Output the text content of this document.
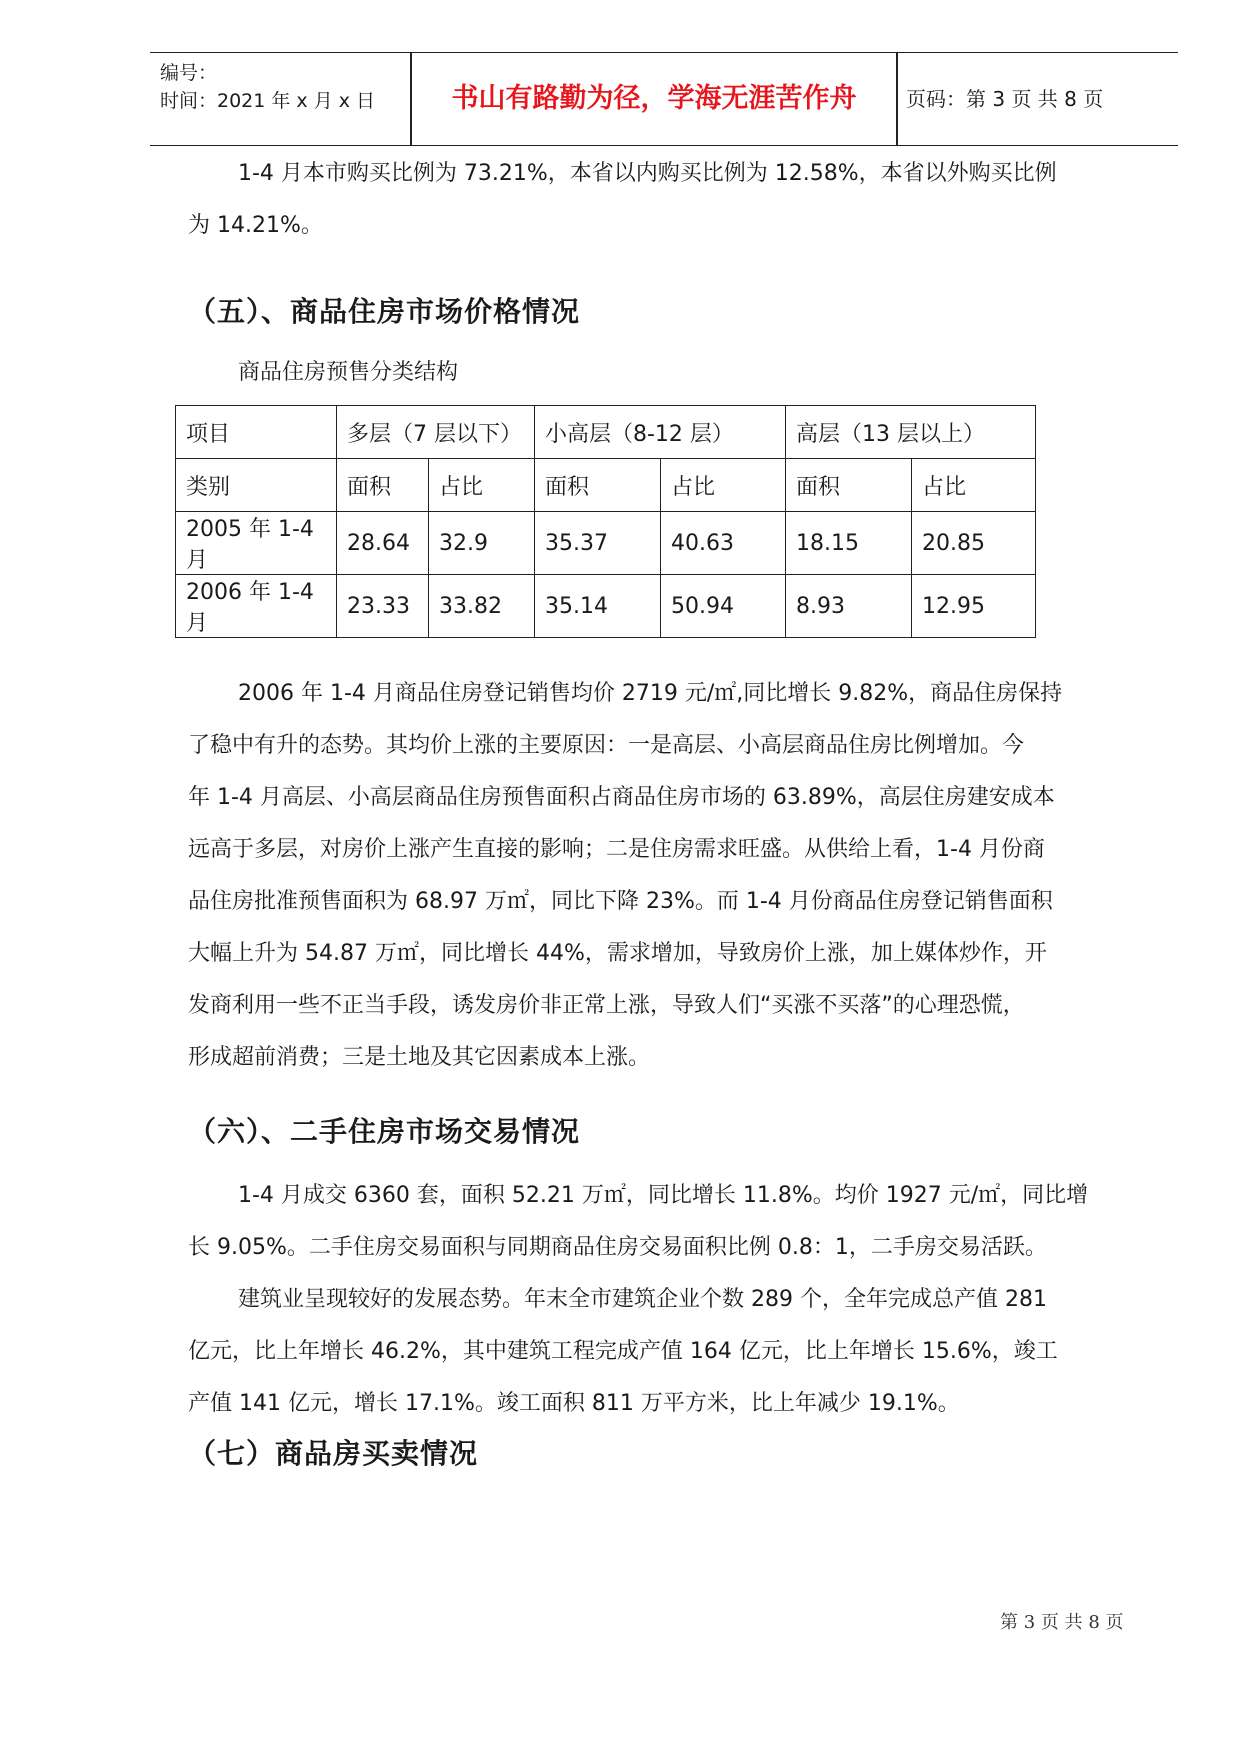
编号：
时间：2021 年 x 月 x 日	书山有路勤为径，学海无涯苦作舟	页码：第 3 页 共 8 页
1-4 月本市购买比例为 73.21%，本省以内购买比例为 12.58%，本省以外购买比例
为 14.21%。
（五）、商品住房市场价格情况
商品住房预售分类结构
项目	多层（7 层以下）		小高层（8-12 层）		高层（13 层以上）	
类别	面积	占比	面积	占比	面积	占比
2005 年 1-4 月	28.64	32.9	35.37	40.63	18.15	20.85
2006 年 1-4 月	23.33	33.82	35.14	50.94	8.93	12.95
2006 年 1-4 月商品住房登记销售均价 2719 元/㎡,同比增长 9.82%，商品住房保持
了稳中有升的态势。其均价上涨的主要原因：一是高层、小高层商品住房比例增加。今
年 1-4 月高层、小高层商品住房预售面积占商品住房市场的 63.89%，高层住房建安成本
远高于多层，对房价上涨产生直接的影响；二是住房需求旺盛。从供给上看，1-4 月份商
品住房批准预售面积为 68.97 万㎡，同比下降 23%。而 1-4 月份商品住房登记销售面积
大幅上升为 54.87 万㎡，同比增长 44%，需求增加，导致房价上涨，加上媒体炒作，开
发商利用一些不正当手段，诱发房价非正常上涨，导致人们“买涨不买落”的心理恐慌，
形成超前消费；三是土地及其它因素成本上涨。
（六）、二手住房市场交易情况
1-4 月成交 6360 套，面积 52.21 万㎡，同比增长 11.8%。均价 1927 元/㎡，同比增
长 9.05%。二手住房交易面积与同期商品住房交易面积比例 0.8：1，二手房交易活跃。
建筑业呈现较好的发展态势。年末全市建筑企业个数 289 个，全年完成总产值 281
亿元，比上年增长 46.2%，其中建筑工程完成产值 164 亿元，比上年增长 15.6%，竣工
产值 141 亿元，增长 17.1%。竣工面积 811 万平方米，比上年减少 19.1%。
（七）商品房买卖情况
第 3 页 共 8 页
